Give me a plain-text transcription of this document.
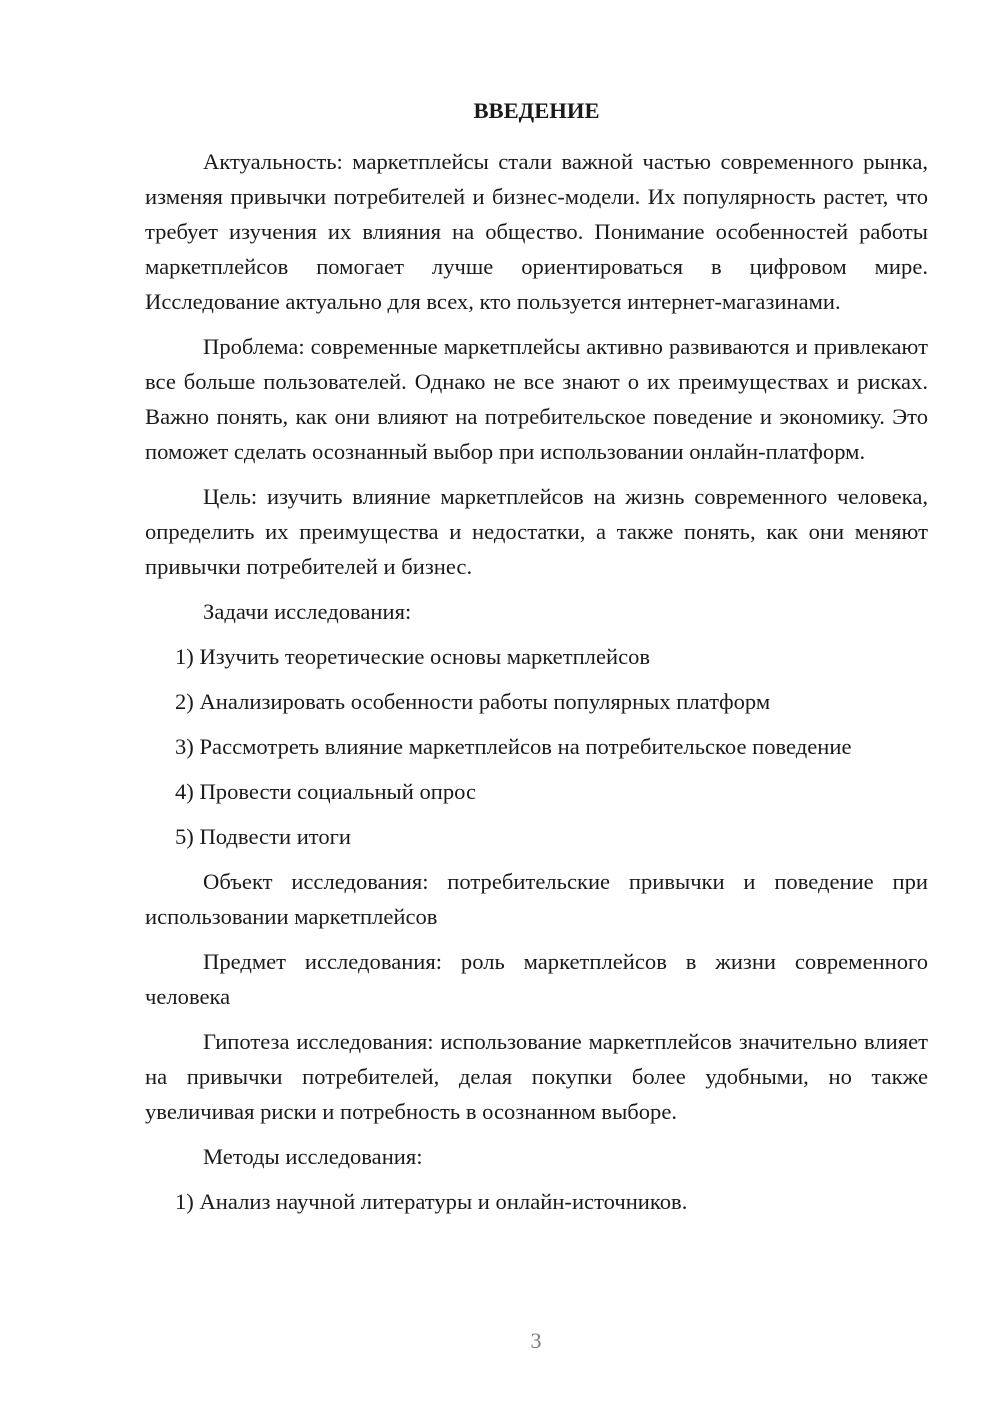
ВВЕДЕНИЕ

Актуальность: маркетплейсы стали важной частью современного рынка, изменяя привычки потребителей и бизнес-модели. Их популярность растет, что требует изучения их влияния на общество. Понимание особенностей работы маркетплейсов помогает лучше ориентироваться в цифровом мире. Исследование актуально для всех, кто пользуется интернет-магазинами.

Проблема: современные маркетплейсы активно развиваются и привлекают все больше пользователей. Однако не все знают о их преимуществах и рисках. Важно понять, как они влияют на потребительское поведение и экономику. Это поможет сделать осознанный выбор при использовании онлайн-платформ.

Цель: изучить влияние маркетплейсов на жизнь современного человека, определить их преимущества и недостатки, а также понять, как они меняют привычки потребителей и бизнес.

Задачи исследования:
1) Изучить теоретические основы маркетплейсов
2) Анализировать особенности работы популярных платформ
3) Рассмотреть влияние маркетплейсов на потребительское поведение
4) Провести социальный опрос
5) Подвести итоги

Объект исследования: потребительские привычки и поведение при использовании маркетплейсов

Предмет исследования: роль маркетплейсов в жизни современного человека

Гипотеза исследования: использование маркетплейсов значительно влияет на привычки потребителей, делая покупки более удобными, но также увеличивая риски и потребность в осознанном выборе.

Методы исследования:
1) Анализ научной литературы и онлайн-источников.
3
